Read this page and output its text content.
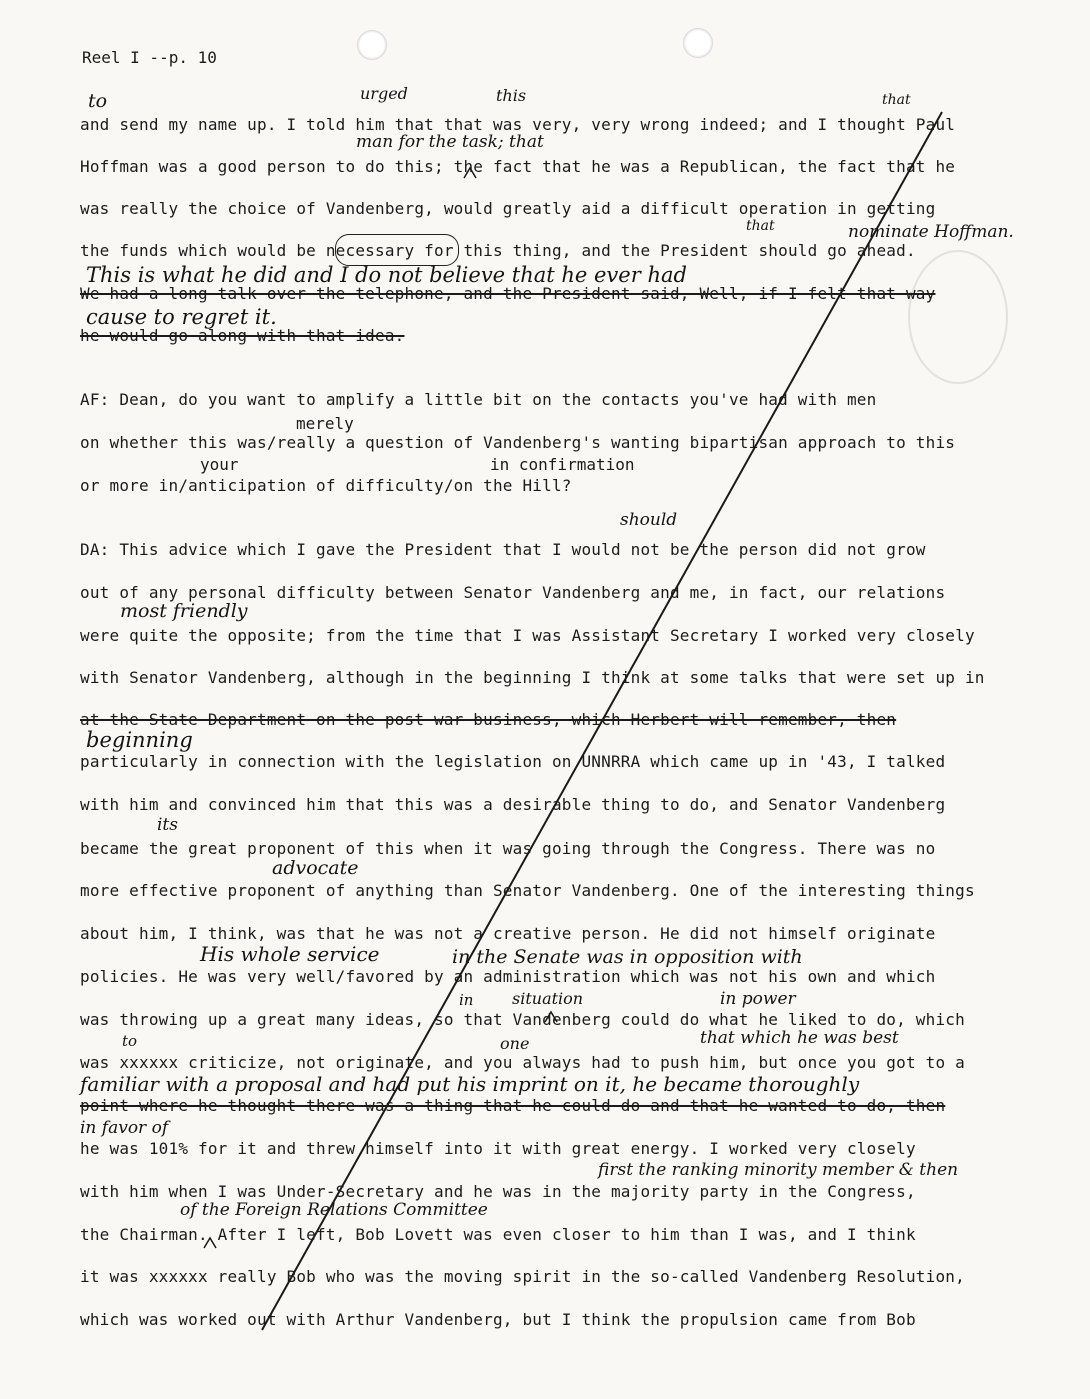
Reel I --p. 10
and send my name up. I told him that that was very, very wrong indeed; and I thought Paul
Hoffman was a good person to do this; the fact that he was a Republican, the fact that he
was really the choice of Vandenberg, would greatly aid a difficult operation in getting
the funds which would be necessary for this thing, and the President should go ahead.
We had a long talk over the telephone, and the President said, Well, if I felt that way
he would go along with that idea.
AF: Dean, do you want to amplify a little bit on the contacts you've had with men
merely
on whether this was/really a question of Vandenberg's wanting bipartisan approach to this
your	in confirmation
or more in/anticipation of difficulty/on the Hill?
DA: This advice which I gave the President that I would not be the person did not grow
out of any personal difficulty between Senator Vandenberg and me, in fact, our relations
were quite the opposite; from the time that I was Assistant Secretary I worked very closely
with Senator Vandenberg, although in the beginning I think at some talks that were set up in
at the State Department on the post-war business, which Herbert will remember, then
particularly in connection with the legislation on UNNRRA which came up in '43, I talked
with him and convinced him that this was a desirable thing to do, and Senator Vandenberg
became the great proponent of this when it was going through the Congress. There was no
more effective proponent of anything than Senator Vandenberg. One of the interesting things
about him, I think, was that he was not a creative person. He did not himself originate
policies. He was very well/favored by an administration which was not his own and which
was throwing up a great many ideas, so that Vandenberg could do what he liked to do, which
was xxxxxx criticize, not originate, and you always had to push him, but once you got to a
point where he thought there was a thing that he could do and that he wanted to do, then
he was 101% for it and threw himself into it with great energy. I worked very closely
with him when I was Under-Secretary and he was in the majority party in the Congress,
the Chairman. After I left, Bob Lovett was even closer to him than I was, and I think
it was xxxxxx really Bob who was the moving spirit in the so-called Vandenberg Resolution,
which was worked out with Arthur Vandenberg, but I think the propulsion came from Bob
to	urged	this	that
man for the task; that
that	nominate Hoffman.
This is what he did and I do not believe that he ever had
cause to regret it.
should
most friendly
beginning
its
advocate
His whole service	in the Senate was in opposition with
in situation	in power
that which he was best
to	one
familiar with a proposal and had put his imprint on it, he became thoroughly
in favor of
first the ranking minority member & then
of the Foreign Relations Committee
